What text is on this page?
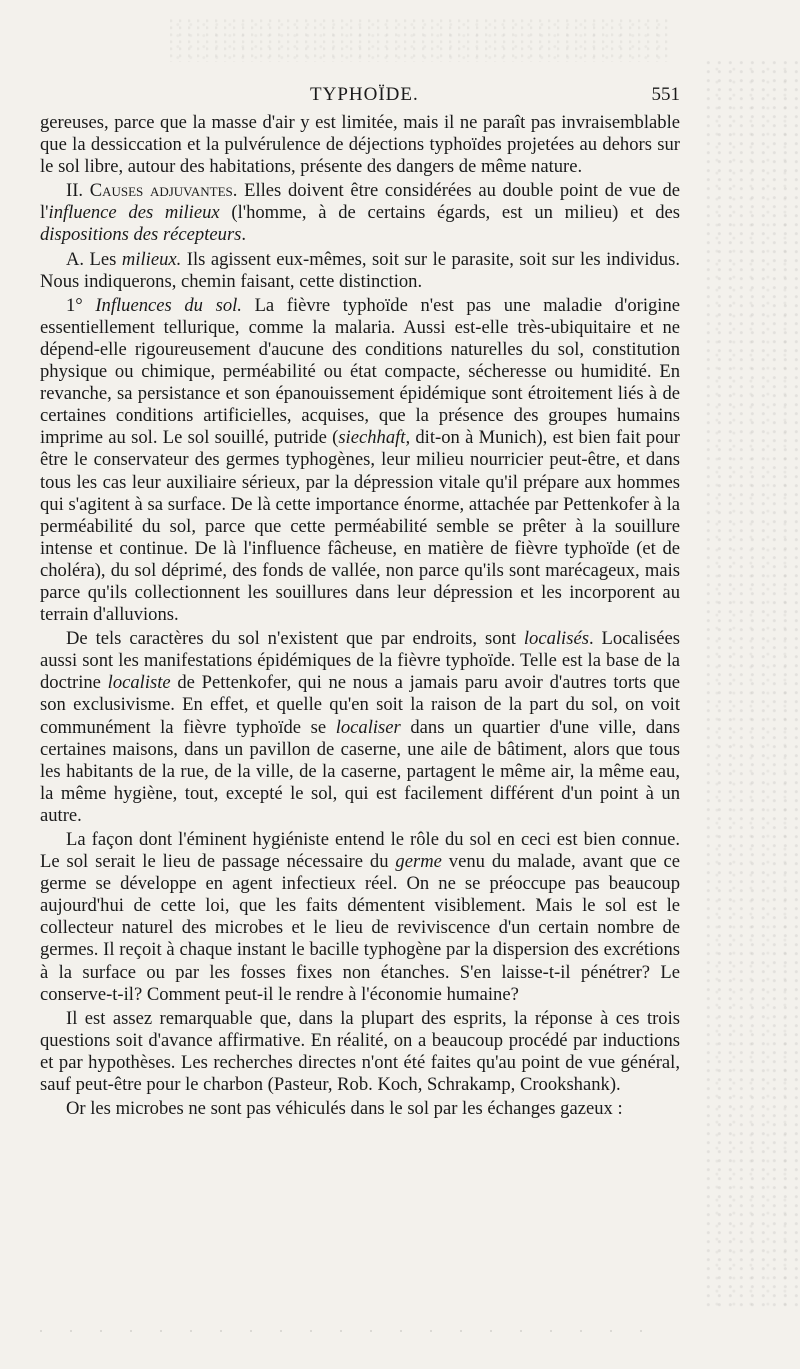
TYPHOÏDE.	551

gereuses, parce que la masse d'air y est limitée, mais il ne paraît pas invraisemblable que la dessiccation et la pulvérulence de déjections typhoïdes projetées au dehors sur le sol libre, autour des habitations, présente des dangers de même nature.

II. Causes adjuvantes. Elles doivent être considérées au double point de vue de l'influence des milieux (l'homme, à de certains égards, est un milieu) et des dispositions des récepteurs.

A. Les milieux. Ils agissent eux-mêmes, soit sur le parasite, soit sur les individus. Nous indiquerons, chemin faisant, cette distinction.

1° Influences du sol. La fièvre typhoïde n'est pas une maladie d'origine essentiellement tellurique, comme la malaria. Aussi est-elle très-ubiquitaire et ne dépend-elle rigoureusement d'aucune des conditions naturelles du sol, constitution physique ou chimique, perméabilité ou état compacte, sécheresse ou humidité. En revanche, sa persistance et son épanouissement épidémique sont étroitement liés à de certaines conditions artificielles, acquises, que la présence des groupes humains imprime au sol. Le sol souillé, putride (siechhaft, dit-on à Munich), est bien fait pour être le conservateur des germes typhogènes, leur milieu nourricier peut-être, et dans tous les cas leur auxiliaire sérieux, par la dépression vitale qu'il prépare aux hommes qui s'agitent à sa surface. De là cette importance énorme, attachée par Pettenkofer à la perméabilité du sol, parce que cette perméabilité semble se prêter à la souillure intense et continue. De là l'influence fâcheuse, en matière de fièvre typhoïde (et de choléra), du sol déprimé, des fonds de vallée, non parce qu'ils sont marécageux, mais parce qu'ils collectionnent les souillures dans leur dépression et les incorporent au terrain d'alluvions.

De tels caractères du sol n'existent que par endroits, sont localisés. Localisées aussi sont les manifestations épidémiques de la fièvre typhoïde. Telle est la base de la doctrine localiste de Pettenkofer, qui ne nous a jamais paru avoir d'autres torts que son exclusivisme. En effet, et quelle qu'en soit la raison de la part du sol, on voit communément la fièvre typhoïde se localiser dans un quartier d'une ville, dans certaines maisons, dans un pavillon de caserne, une aile de bâtiment, alors que tous les habitants de la rue, de la ville, de la caserne, partagent le même air, la même eau, la même hygiène, tout, excepté le sol, qui est facilement différent d'un point à un autre.

La façon dont l'éminent hygiéniste entend le rôle du sol en ceci est bien connue. Le sol serait le lieu de passage nécessaire du germe venu du malade, avant que ce germe se développe en agent infectieux réel. On ne se préoccupe pas beaucoup aujourd'hui de cette loi, que les faits démentent visiblement. Mais le sol est le collecteur naturel des microbes et le lieu de reviviscence d'un certain nombre de germes. Il reçoit à chaque instant le bacille typhogène par la dispersion des excrétions à la surface ou par les fosses fixes non étanches. S'en laisse-t-il pénétrer? Le conserve-t-il? Comment peut-il le rendre à l'économie humaine?

Il est assez remarquable que, dans la plupart des esprits, la réponse à ces trois questions soit d'avance affirmative. En réalité, on a beaucoup procédé par inductions et par hypothèses. Les recherches directes n'ont été faites qu'au point de vue général, sauf peut-être pour le charbon (Pasteur, Rob. Koch, Schrakamp, Crookshank).

Or les microbes ne sont pas véhiculés dans le sol par les échanges gazeux :
